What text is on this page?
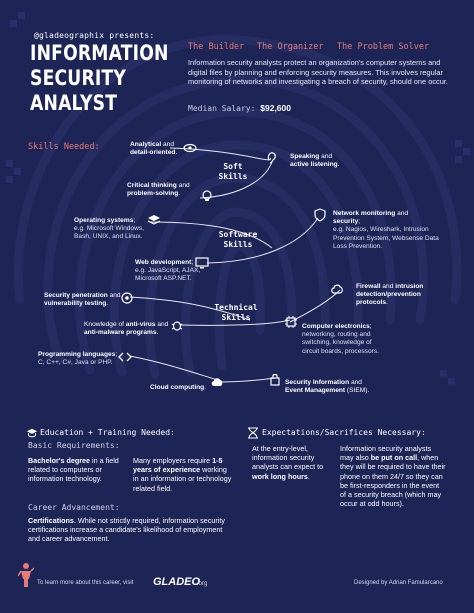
@gladeographix presents:
INFORMATION
SECURITY
ANALYST
The Builder The Organizer The Problem Solver
Information security analysts protect an organization's computer systems and digital files by planning and enforcing security measures. This involves regular monitoring of networks and investigating a breach of security, should one occur.
Median Salary: $92,600
Skills Needed:
Soft Skills
Software Skills
Technical Skills
Analytical and
detail-oriented.
Speaking and
active listening.
Critical thinking and
problem-solving.
Operating systems;
e.g. Microsoft Windows, Bash, UNIX, and Linux.
Network monitoring and
security;
e.g. Nagios, Wireshark, Intrusion Prevention System, Websense Data Loss Prevention.
Web development;
e.g. JavaScript, AJAX, Microsoft ASP.NET.
Security penetration and vulnerability testing.
Firewall and intrusion detection/prevention protocols.
Knowledge of anti-virus and anti-malware programs.
Computer electronics;
networking, routing and switching, knowledge of circuit boards, processors.
Programming languages;
C, C++, C#, Java or PHP.
Cloud computing.
Security Information and
Event Management (SIEM).
Education + Training Needed:
Basic Requirements:
Bachelor's degree in a field related to computers or information technology.
Many employers require 1-5 years of experience working in an information or technology related field.
Career Advancement:
Certifications. While not strictly required, information security certifications increase a candidate's likelihood of employment and career advancement.
Expectations/Sacrifices Necessary:
At the entry-level, information security analysts can expect to work long hours.
Information security analysts may also be put on call, when they will be required to have their phone on them 24/7 so they can be first-responders in the event of a security breach (which may occur at odd hours).
To learn more about this career, visit GLADEO
.org	Designed by Adrian Famularcano
